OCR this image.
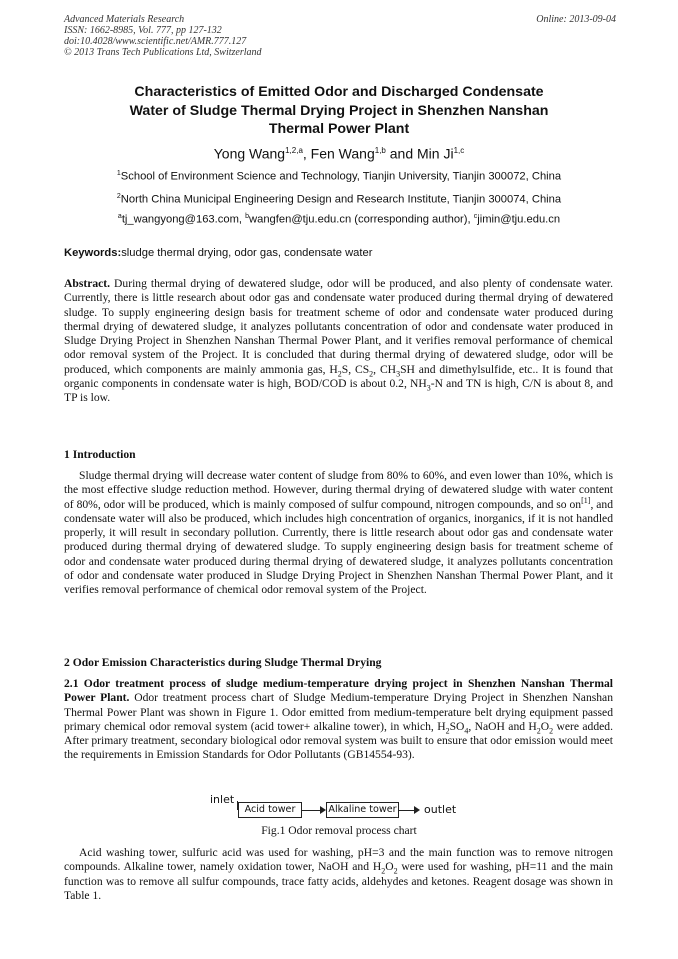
Advanced Materials Research
ISSN: 1662-8985, Vol. 777, pp 127-132
doi:10.4028/www.scientific.net/AMR.777.127
© 2013 Trans Tech Publications Ltd, Switzerland
Online: 2013-09-04
Characteristics of Emitted Odor and Discharged Condensate
Water of Sludge Thermal Drying Project in Shenzhen Nanshan
Thermal Power Plant
Yong Wang$^{1,2,a}$, Fen Wang$^{1,b}$ and Min Ji$^{1,c}$
$^1$School of Environment Science and Technology, Tianjin University, Tianjin 300072, China
$^2$North China Municipal Engineering Design and Research Institute, Tianjin 300074, China
$^a$tj_wangyong@163.com, $^b$wangfen@tju.edu.cn (corresponding author), $^c$jimin@tju.edu.cn
Keywords:sludge thermal drying, odor gas, condensate water
Abstract. During thermal drying of dewatered sludge, odor will be produced, and also plenty of condensate water. Currently, there is little research about odor gas and condensate water produced during thermal drying of dewatered sludge. To supply engineering design basis for treatment scheme of odor and condensate water produced during thermal drying of dewatered sludge, it analyzes pollutants concentration of odor and condensate water produced in Sludge Drying Project in Shenzhen Nanshan Thermal Power Plant, and it verifies removal performance of chemical odor removal system of the Project. It is concluded that during thermal drying of dewatered sludge, odor will be produced, which components are mainly ammonia gas, $H_2S$, $CS_2$, $CH_3SH$ and dimethylsulfide, etc.. It is found that organic components in condensate water is high, BOD/COD is about 0.2, $NH_3-N$ and TN is high, C/N is about 8, and TP is low.
1 Introduction
Sludge thermal drying will decrease water content of sludge from 80% to 60%, and even lower than 10%, which is the most effective sludge reduction method. However, during thermal drying of dewatered sludge with water content of 80%, odor will be produced, which is mainly composed of sulfur compound, nitrogen compounds, and so on[1], and condensate water will also be produced, which includes high concentration of organics, inorganics, if it is not handled properly, it will result in secondary pollution. Currently, there is little research about odor gas and condensate water produced during thermal drying of dewatered sludge. To supply engineering design basis for treatment scheme of odor and condensate water produced during thermal drying of dewatered sludge, it analyzes pollutants concentration of odor and condensate water produced in Sludge Drying Project in Shenzhen Nanshan Thermal Power Plant, and it verifies removal performance of chemical odor removal system of the Project.
2 Odor Emission Characteristics during Sludge Thermal Drying
2.1 Odor treatment process of sludge medium-temperature drying project in Shenzhen Nanshan Thermal Power Plant. Odor treatment process chart of Sludge Medium-temperature Drying Project in Shenzhen Nanshan Thermal Power Plant was shown in Figure 1. Odor emitted from medium-temperature belt drying equipment passed primary chemical odor removal system (acid tower+ alkaline tower), in which, $H_2SO_4$, NaOH and $H_2O_2$ were added. After primary treatment, secondary biological odor removal system was built to ensure that odor emission would meet the requirements in Emission Standards for Odor Pollutants (GB14554-93).
inlet
Acid tower	Alkaline tower outlet
Fig.1 Odor removal process chart
Acid washing tower, sulfuric acid was used for washing, pH=3 and the main function was to remove nitrogen compounds. Alkaline tower, namely oxidation tower, NaOH and $H_2O_2$ were used for washing, pH=11 and the main function was to remove all sulfur compounds, trace fatty acids, aldehydes and ketones. Reagent dosage was shown in Table 1.
